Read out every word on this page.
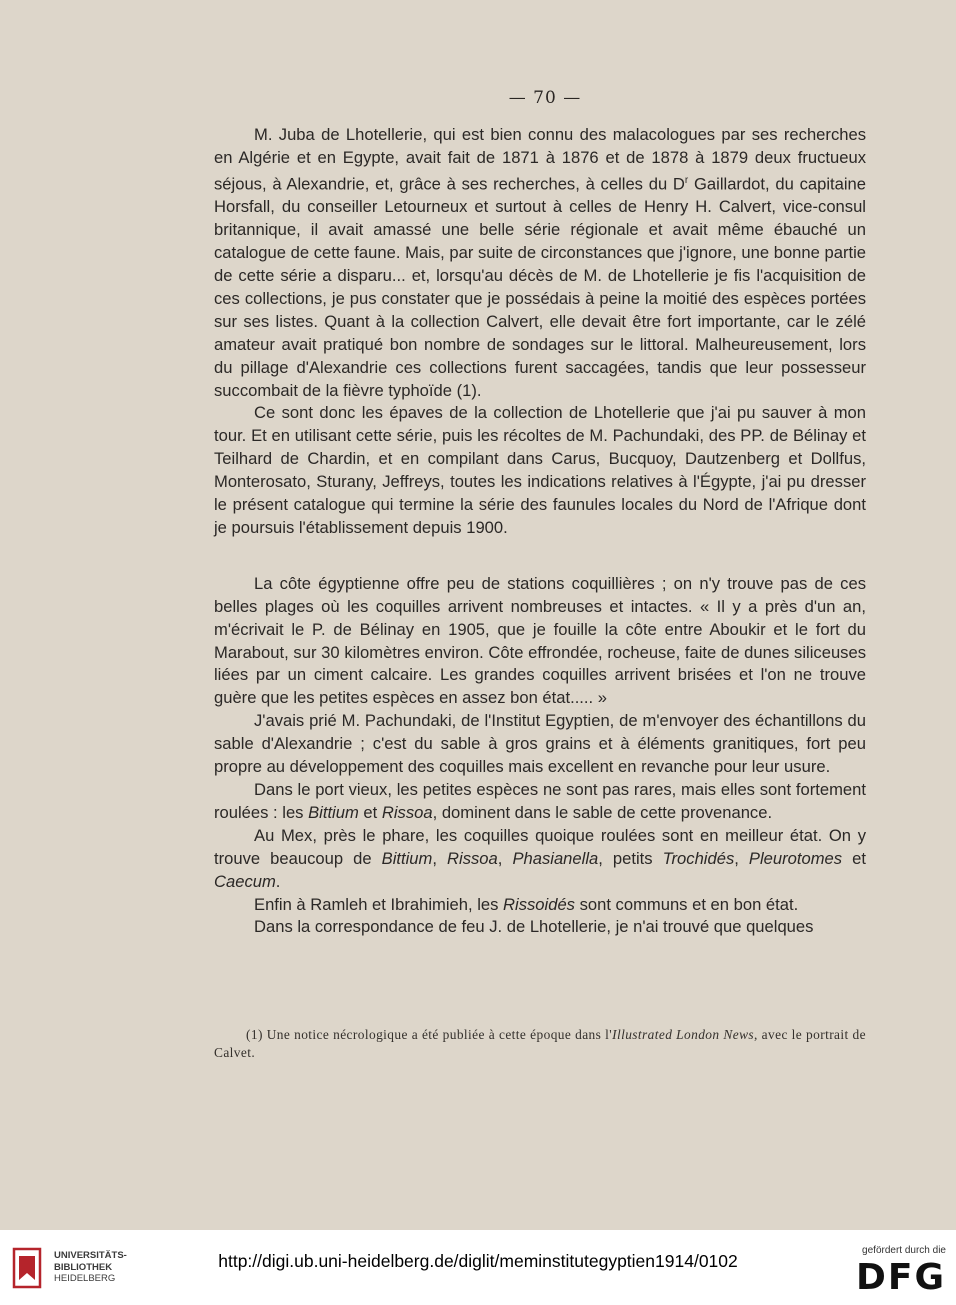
— 70 —

M. Juba de Lhotellerie, qui est bien connu des malacologues par ses recherches en Algérie et en Egypte, avait fait de 1871 à 1876 et de 1878 à 1879 deux fructueux séjous, à Alexandrie, et, grâce à ses recherches, à celles du $D^r$ Gaillardot, du capitaine Horsfall, du conseiller Letourneux et surtout à celles de Henry H. Calvert, vice-consul britannique, il avait amassé une belle série régionale et avait même ébauché un catalogue de cette faune. Mais, par suite de circonstances que j'ignore, une bonne partie de cette série a disparu... et, lorsqu'au décès de M. de Lhotellerie je fis l'acquisition de ces collections, je pus constater que je possédais à peine la moitié des espèces portées sur ses listes. Quant à la collection Calvert, elle devait être fort importante, car le zélé amateur avait pratiqué bon nombre de sondages sur le littoral. Malheureusement, lors du pillage d'Alexandrie ces collections furent saccagées, tandis que leur possesseur succombait de la fièvre typhoïde (1).

Ce sont donc les épaves de la collection de Lhotellerie que j'ai pu sauver à mon tour. Et en utilisant cette série, puis les récoltes de M. Pachundaki, des PP. de Bélinay et Teilhard de Chardin, et en compilant dans Carus, Bucquoy, Dautzenberg et Dollfus, Monterosato, Sturany, Jeffreys, toutes les indications relatives à l'Égypte, j'ai pu dresser le présent catalogue qui termine la série des faunules locales du Nord de l'Afrique dont je poursuis l'établissement depuis 1900.

La côte égyptienne offre peu de stations coquillières ; on n'y trouve pas de ces belles plages où les coquilles arrivent nombreuses et intactes. « Il y a près d'un an, m'écrivait le P. de Bélinay en 1905, que je fouille la côte entre Aboukir et le fort du Marabout, sur 30 kilomètres environ. Côte effrondée, rocheuse, faite de dunes siliceuses liées par un ciment calcaire. Les grandes coquilles arrivent brisées et l'on ne trouve guère que les petites espèces en assez bon état..... »

J'avais prié M. Pachundaki, de l'Institut Egyptien, de m'envoyer des échantillons du sable d'Alexandrie ; c'est du sable à gros grains et à éléments granitiques, fort peu propre au développement des coquilles mais excellent en revanche pour leur usure.

Dans le port vieux, les petites espèces ne sont pas rares, mais elles sont fortement roulées : les Bittium et Rissoa, dominent dans le sable de cette provenance.

Au Mex, près le phare, les coquilles quoique roulées sont en meilleur état. On y trouve beaucoup de Bittium, Rissoa, Phasianella, petits Trochidés, Pleurotomes et Caecum.

Enfin à Ramleh et Ibrahimieh, les Rissoidés sont communs et en bon état.

Dans la correspondance de feu J. de Lhotellerie, je n'ai trouvé que quelques

(1) Une notice nécrologique a été publiée à cette époque dans l'Illustrated London News, avec le portrait de Calvet.

UNIVERSITÄTS-
BIBLIOTHEK
HEIDELBERG
http://digi.ub.uni-heidelberg.de/diglit/meminstitutegyptien1914/0102
gefördert durch die
DFG
